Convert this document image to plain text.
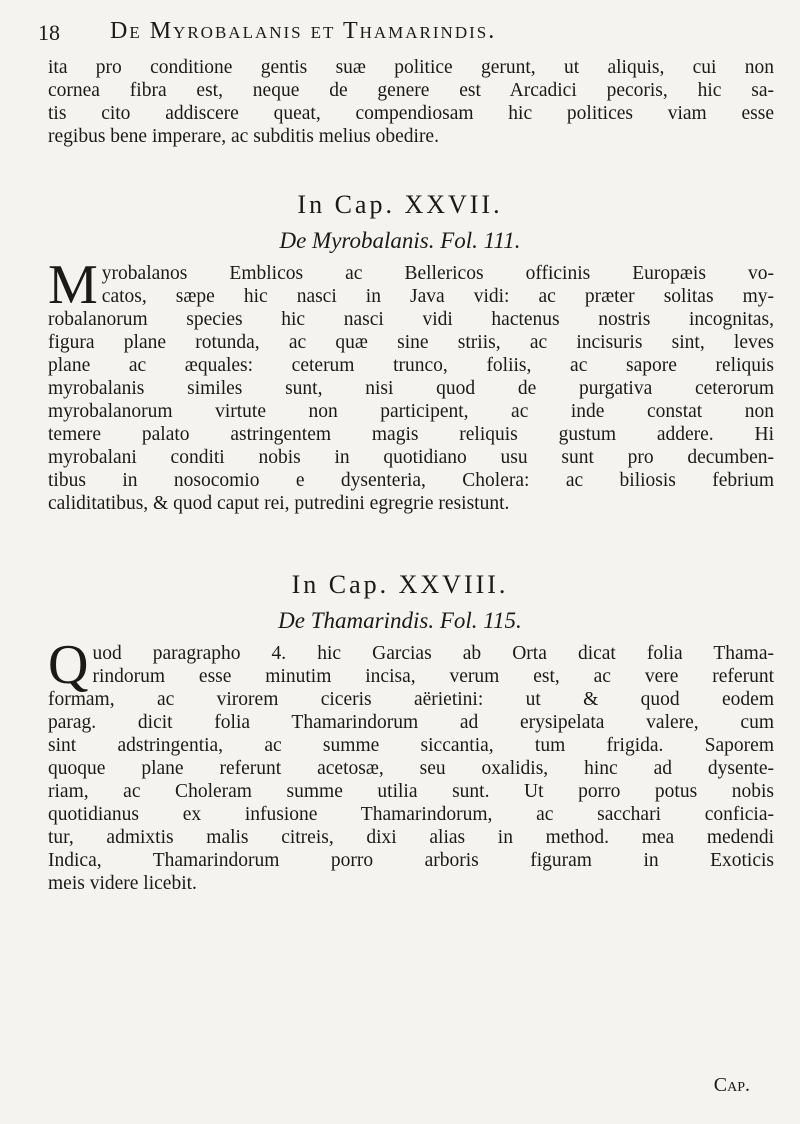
18 De Myrobalanis et Thamarindis.
ita pro conditione gentis suæ politice gerunt, ut aliquis, cui non
cornea fibra est, neque de genere est Arcadici pecoris, hic sa-
tis cito addiscere queat, compendiosam hic politices viam esse
regibus bene imperare, ac subditis melius obedire.
In Cap. XXVII.
De Myrobalanis. Fol. 111.
M yrobalanos Emblicos ac Bellericos officinis Europæis vo-
catos, sæpe hic nasci in Java vidi: ac præter solitas my-
robalanorum species hic nasci vidi hactenus nostris incognitas,
figura plane rotunda, ac quæ sine striis, ac incisuris sint, leves
plane ac æquales: ceterum trunco, foliis, ac sapore reliquis
myrobalanis similes sunt, nisi quod de purgativa ceterorum
myrobalanorum virtute non participent, ac inde constat non
temere palato astringentem magis reliquis gustum addere. Hi
myrobalani conditi nobis in quotidiano usu sunt pro decumben-
tibus in nosocomio e dysenteria, Cholera: ac biliosis febrium
caliditatibus, & quod caput rei, putredini egregrie resistunt.
In Cap. XXVIII.
De Thamarindis. Fol. 115.
Q uod paragrapho 4. hic Garcias ab Orta dicat folia Thama-
rindorum esse minutim incisa, verum est, ac vere referunt
formam, ac virorem ciceris aërietini: ut & quod eodem
parag. dicit folia Thamarindorum ad erysipelata valere, cum
sint adstringentia, ac summe siccantia, tum frigida. Saporem
quoque plane referunt acetosæ, seu oxalidis, hinc ad dysente-
riam, ac Choleram summe utilia sunt. Ut porro potus nobis
quotidianus ex infusione Thamarindorum, ac sacchari conficia-
tur, admixtis malis citreis, dixi alias in method. mea medendi
Indica, Thamarindorum porro arboris figuram in Exoticis
meis videre licebit.
Cap.
